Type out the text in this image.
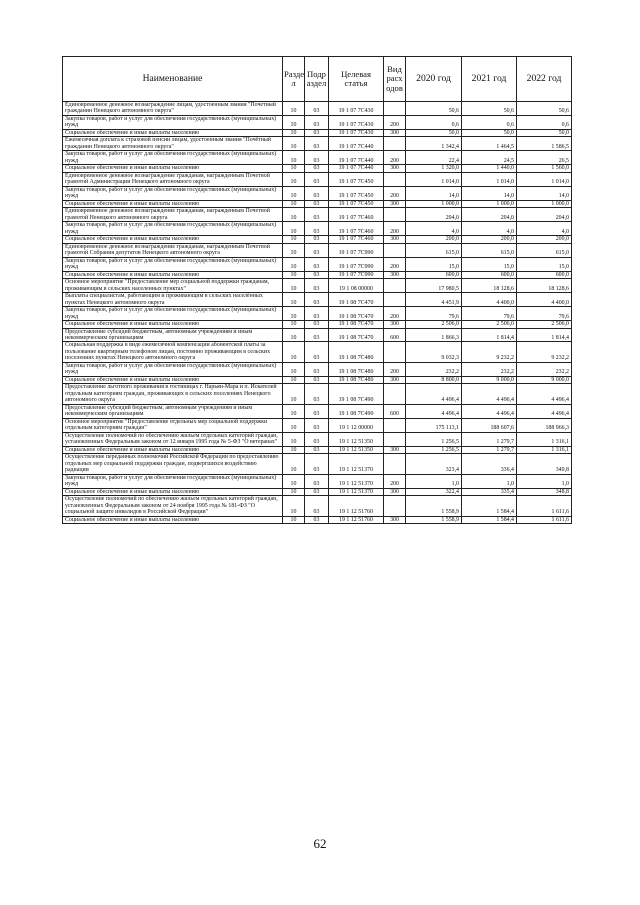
Наименование	Разде л	Подр аздел	Целевая статья	Вид расх одов	2020 год	2021 год	2022 год
Единовременное денежное вознаграждение лицам, удостоенным звания "Почетный гражданин Ненецкого автономного округа"	10	03	19 1 07 7С430		50,6	50,6	50,6
Закупка товаров, работ и услуг для обеспечения государственных (муниципальных) нужд	10	03	19 1 07 7С430	200	0,6	0,6	0,6
Социальное обеспечение и иные выплаты населению	10	03	19 1 07 7С430	300	50,0	50,0	50,0
Ежемесячная доплата к страховой пенсии лицам, удостоенным звания "Почётный гражданин Ненецкого автономного округа"	10	03	19 1 07 7С440		1 342,4	1 464,5	1 586,5
Закупка товаров, работ и услуг для обеспечения государственных (муниципальных) нужд	10	03	19 1 07 7С440	200	22,4	24,5	26,5
Социальное обеспечение и иные выплаты населению	10	03	19 1 07 7С440	300	1 320,0	1 440,0	1 560,0
Единовременное денежное вознаграждение гражданам, награжденным Почетной грамотой Администрации Ненецкого автономного округа	10	03	19 1 07 7С450		1 014,0	1 014,0	1 014,0
Закупка товаров, работ и услуг для обеспечения государственных (муниципальных) нужд	10	03	19 1 07 7С450	200	14,0	14,0	14,0
Социальное обеспечение и иные выплаты населению	10	03	19 1 07 7С450	300	1 000,0	1 000,0	1 000,0
Единовременное денежное вознаграждение гражданам, награжденным Почетной грамотой Ненецкого автономного округа	10	03	19 1 07 7С460		204,0	204,0	204,0
Закупка товаров, работ и услуг для обеспечения государственных (муниципальных) нужд	10	03	19 1 07 7С460	200	4,0	4,0	4,0
Социальное обеспечение и иные выплаты населению	10	03	19 1 07 7С460	300	200,0	200,0	200,0
Единовременное денежное вознаграждение гражданам, награжденным Почетной грамотой Собрания депутатов Ненецкого автономного округа	10	03	19 1 07 7С990		615,0	615,0	615,0
Закупка товаров, работ и услуг для обеспечения государственных (муниципальных) нужд	10	03	19 1 07 7С990	200	15,0	15,0	15,0
Социальное обеспечение и иные выплаты населению	10	03	19 1 07 7С990	300	600,0	600,0	600,0
Основное мероприятие "Предоставление мер социальной поддержки гражданам, проживающим в сельских населенных пунктах"	10	03	19 1 08 00000		17 980,5	18 128,6	18 128,6
Выплаты специалистам, работающим и проживающим в сельских населённых пунктах Ненецкого автономного округа	10	03	19 1 08 7С470		4 451,9	4 400,0	4 400,0
Закупка товаров, работ и услуг для обеспечения государственных (муниципальных) нужд	10	03	19 1 08 7С470	200	79,6	79,6	79,6
Социальное обеспечение и иные выплаты населению	10	03	19 1 08 7С470	300	2 506,0	2 506,0	2 506,0
Предоставление субсидий бюджетным, автономным учреждениям и иным некоммерческим организациям	10	03	19 1 08 7С470	600	1 866,3	1 814,4	1 814,4
Социальная поддержка в виде ежемесячной компенсации абонентской платы за пользование квартирным телефоном лицам, постоянно проживающим в сельских поселениях пунктах Ненецкого автономного округа	10	03	19 1 08 7С480		9 032,3	9 232,2	9 232,2
Закупка товаров, работ и услуг для обеспечения государственных (муниципальных) нужд	10	03	19 1 08 7С480	200	232,2	232,2	232,2
Социальное обеспечение и иные выплаты населению	10	03	19 1 08 7С480	300	8 800,0	9 000,0	9 000,0
Предоставление льготного проживания в гостиницах г. Нарьян-Мара и п. Искателей отдельным категориям граждан, проживающих в сельских поселениях Ненецкого автономного округа	10	03	19 1 08 7С490		4 496,4	4 496,4	4 496,4
Предоставление субсидий бюджетным, автономным учреждениям и иным некоммерческим организациям	10	03	19 1 08 7С490	600	4 496,4	4 496,4	4 496,4
Основное мероприятие "Предоставление отдельных мер социальной поддержки отдельным категориям граждан"	10	03	19 1 12 00000		175 113,1	188 607,6	188 966,3
Осуществление полномочий по обеспечению жильем отдельных категорий граждан, установленных Федеральным законом от 12 января 1995 года № 5-ФЗ "О ветеранах"	10	03	19 1 12 51350		1 256,5	1 279,7	1 316,1
Социальное обеспечение и иные выплаты населению	10	03	19 1 12 51350	300	1 256,5	1 279,7	1 316,1
Осуществление переданных полномочий Российской Федерации по предоставлению отдельных мер социальной поддержки граждан, подвергшихся воздействию радиации	10	03	19 1 12 51370		323,4	336,4	349,8
Закупка товаров, работ и услуг для обеспечения государственных (муниципальных) нужд	10	03	19 1 12 51370	200	1,0	1,0	1,0
Социальное обеспечение и иные выплаты населению	10	03	19 1 12 51370	300	322,4	335,4	348,8
Осуществление полномочий по обеспечению жильем отдельных категорий граждан, установленных Федеральным законом от 24 ноября 1995 года № 181-ФЗ "О социальной защите инвалидов в Российской Федерации"	10	03	19 1 12 51760		1 558,9	1 584,4	1 611,6
Социальное обеспечение и иные выплаты населению	10	03	19 1 12 51760	300	1 558,9	1 584,4	1 611,6
62
